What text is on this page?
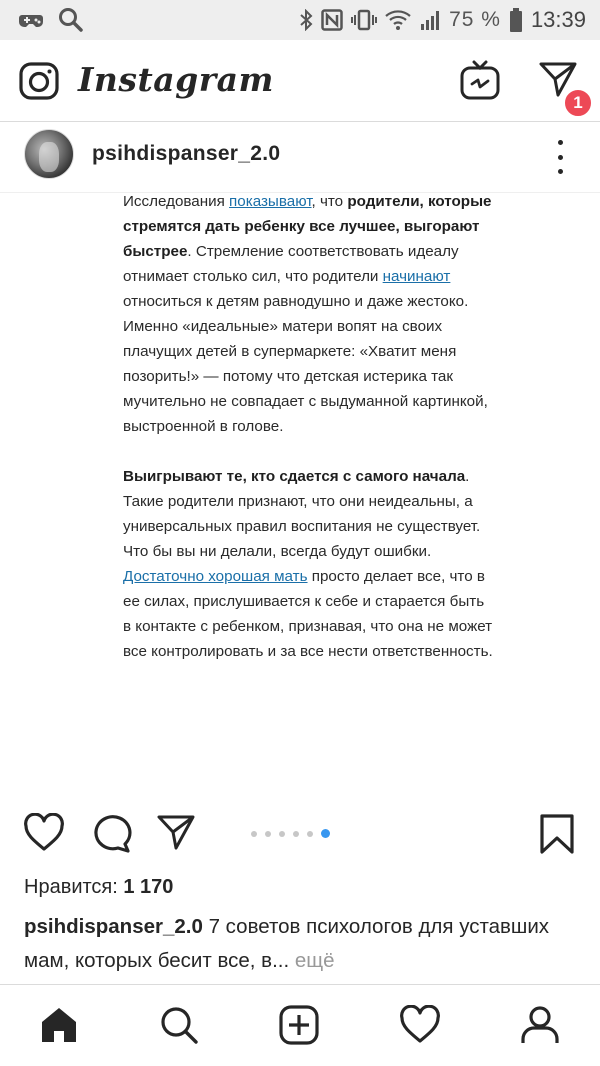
75 % 13:39
Instagram
1
psihdispanser_2.0

Исследования показывают, что родители, которые стремятся дать ребенку все лучшее, выгорают быстрее. Стремление соответствовать идеалу отнимает столько сил, что родители начинают относиться к детям равнодушно и даже жестоко. Именно «идеальные» матери вопят на своих плачущих детей в супермаркете: «Хватит меня позорить!» — потому что детская истерика так мучительно не совпадает с выдуманной картинкой, выстроенной в голове.

Выигрывают те, кто сдается с самого начала. Такие родители признают, что они неидеальны, а универсальных правил воспитания не существует. Что бы вы ни делали, всегда будут ошибки. Достаточно хорошая мать просто делает все, что в ее силах, прислушивается к себе и старается быть в контакте с ребенком, признавая, что она не может все контролировать и за все нести ответственность.

Нравится: 1 170
psihdispanser_2.0 7 советов психологов для уставших мам, которых бесит все, в... ещё
